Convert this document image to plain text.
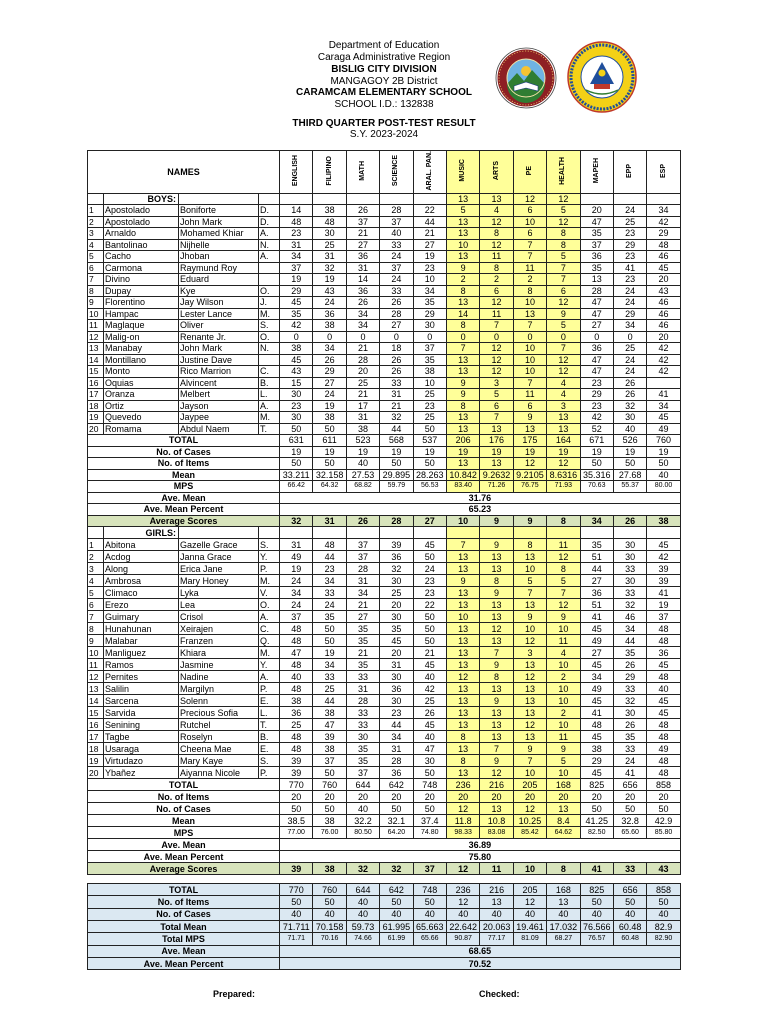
Department of Education
Caraga Administrative Region
BISLIG CITY DIVISION
MANGAGOY 2B District
CARAMCAM ELEMENTARY SCHOOL
SCHOOL I.D.: 132838
THIRD QUARTER POST-TEST RESULT
S.Y. 2023-2024
NAMES				ENGLISH	FILIPINO	MATH	SCIENCE	ARAL. PAN.	MUSIC	ARTS	PE	HEALTH	MAPEH	EPP	ESP
	BOYS:								13	13	12	12			
1	Apostolado	Boniforte	D.	14	38	26	28	22	5	4	6	5	20	24	34
2	Apostolado	John Mark	D.	48	48	37	37	44	13	12	10	12	47	25	42
3	Arnaldo	Mohamed Khiar	A.	23	30	21	40	21	13	8	6	8	35	23	29
4	Bantolinao	Nijhelle	N.	31	25	27	33	27	10	12	7	8	37	29	48
5	Cacho	Jhoban	A.	34	31	36	24	19	13	11	7	5	36	23	46
6	Carmona	Raymund Roy		37	32	31	37	23	9	8	11	7	35	41	45
7	Divino	Eduard		19	19	14	24	10	2	2	2	7	13	23	20
8	Dupay	Kye	O.	29	43	36	33	34	8	6	8	6	28	24	43
9	Florentino	Jay Wilson	J.	45	24	26	26	35	13	12	10	12	47	24	46
10	Hampac	Lester Lance	M.	35	36	34	28	29	14	11	13	9	47	29	46
11	Maglaque	Oliver	S.	42	38	34	27	30	8	7	7	5	27	34	46
12	Malig-on	Renante Jr.	O.	0	0	0	0	0	0	0	0	0	0	0	20
13	Manabay	John Mark	N.	38	34	21	18	37	7	12	10	7	36	25	42
14	Montillano	Justine Dave		45	26	28	26	35	13	12	10	12	47	24	42
15	Monto	Rico Marrion	C.	43	29	20	26	38	13	12	10	12	47	24	42
16	Oquias	Alvincent	B.	15	27	25	33	10	9	3	7	4	23	26	
17	Oranza	Melbert	L.	30	24	21	31	25	9	5	11	4	29	26	41
18	Ortiz	Jayson	A.	23	19	17	21	23	8	6	6	3	23	32	34
19	Quevedo	Jaypee	M.	30	38	31	32	25	13	7	9	13	42	30	45
20	Romama	Abdul Naem	T.	50	50	38	44	50	13	13	13	13	52	40	49
TOTAL				631	611	523	568	537	206	176	175	164	671	526	760
No. of Cases				19	19	19	19	19	19	19	19	19	19	19	19
No. of Items				50	50	40	50	50	13	13	12	12	50	50	50
Mean				33.211	32.158	27.53	29.895	28.263	10.842	9.2632	9.2105	8.6316	35.316	27.68	40
MPS				66.42	64.32	68.82	59.79	56.53	83.40	71.26	76.75	71.93	70.63	55.37	80.00
Ave. Mean				31.76											
Ave. Mean Percent				65.23											
Average Scores				32	31	26	28	27	10	9	9	8	34	26	38
	GIRLS:														
1	Abitona	Gazelle Grace	S.	31	48	37	39	45	7	9	8	11	35	30	45
2	Acdog	Janna Grace	Y.	49	44	37	36	50	13	13	13	12	51	30	42
3	Along	Erica Jane	P.	19	23	28	32	24	13	13	10	8	44	33	39
4	Ambrosa	Mary Honey	M.	24	34	31	30	23	9	8	5	5	27	30	39
5	Climaco	Lyka	V.	34	33	34	25	23	13	9	7	7	36	33	41
6	Erezo	Lea	O.	24	24	21	20	22	13	13	13	12	51	32	19
7	Guimary	Crisol	A.	37	35	27	30	50	10	13	9	9	41	46	37
8	Hunahunan	Xeirajen	C.	48	50	35	35	50	13	12	10	10	45	34	48
9	Malabar	Franzen	Q.	48	50	35	45	50	13	13	12	11	49	44	48
10	Manliguez	Khiara	M.	47	19	21	20	21	13	7	3	4	27	35	36
11	Ramos	Jasmine	Y.	48	34	35	31	45	13	9	13	10	45	26	45
12	Pernites	Nadine	A.	40	33	33	30	40	12	8	12	2	34	29	48
13	Salilin	Margilyn	P.	48	25	31	36	42	13	13	13	10	49	33	40
14	Sarcena	Solenn	E.	38	44	28	30	25	13	9	13	10	45	32	45
15	Sarvida	Precious Sofia	L.	36	38	33	23	26	13	13	13	2	41	30	45
16	Senining	Rutchel	T.	25	47	33	44	45	13	13	12	10	48	26	48
17	Tagbe	Roselyn	B.	48	39	30	34	40	8	13	13	11	45	35	48
18	Usaraga	Cheena Mae	E.	48	38	35	31	47	13	7	9	9	38	33	49
19	Virtudazo	Mary Kaye	S.	39	37	35	28	30	8	9	7	5	29	24	48
20	Ybañez	Aiyanna Nicole	P.	39	50	37	36	50	13	12	10	10	45	41	48
TOTAL				770	760	644	642	748	236	216	205	168	825	656	858
No. of Items				20	20	20	20	20	20	20	20	20	20	20	20
No. of Cases				50	50	40	50	50	12	13	12	13	50	50	50
Mean				38.5	38	32.2	32.1	37.4	11.8	10.8	10.25	8.4	41.25	32.8	42.9
MPS				77.00	76.00	80.50	64.20	74.80	98.33	83.08	85.42	64.62	82.50	65.60	85.80
Ave. Mean				36.89											
Ave. Mean Percent				75.80											
Average Scores				39	38	32	32	37	12	11	10	8	41	33	43
TOTAL	770	760	644	642	748	236	216	205	168	825	656	858
No. of Items	50	50	40	50	50	12	13	12	13	50	50	50
No. of Cases	40	40	40	40	40	40	40	40	40	40	40	40
Total Mean	71.711	70.158	59.73	61.995	65.663	22.642	20.063	19.461	17.032	76.566	60.48	82.9
Total MPS	71.71	70.16	74.66	61.99	65.66	90.87	77.17	81.09	68.27	76.57	60.48	82.90
Ave. Mean	68.65											
Ave. Mean Percent	70.52											
Prepared:	Checked:
